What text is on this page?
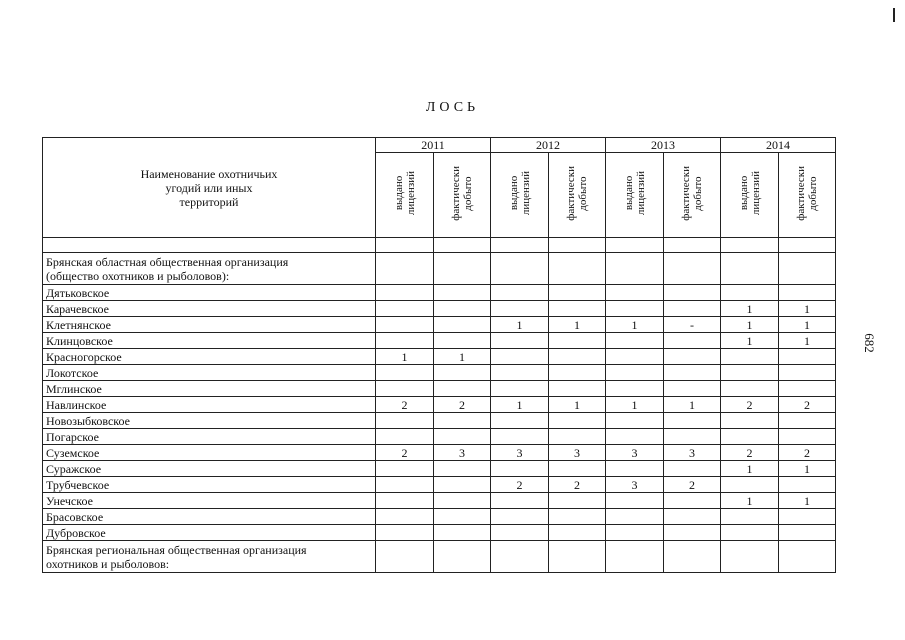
ЛОСЬ
682
Наименование охотничьих
угодий или иных
территорий	2011		2012		2013		2014	

	выдано лицензий	фактически добыто	выдано лицензий	фактически добыто	выдано лицензий	фактически добыто	выдано лицензий	фактически добыто

Брянская областная общественная организация
(общество охотников и рыболовов):								

Дятьковское								

Карачевское							1	1

Клетнянское			1	1	1	-	1	1

Клинцовское							1	1

Красногорское	1	1						

Локотское								

Мглинское								

Навлинское	2	2	1	1	1	1	2	2

Новозыбковское								

Погарское								

Суземское	2	3	3	3	3	3	2	2

Суражское							1	1

Трубчевское			2	2	3	2		

Унечское							1	1

Брасовское								

Дубровское								

Брянская региональная общественная организация
охотников и рыболовов:								
